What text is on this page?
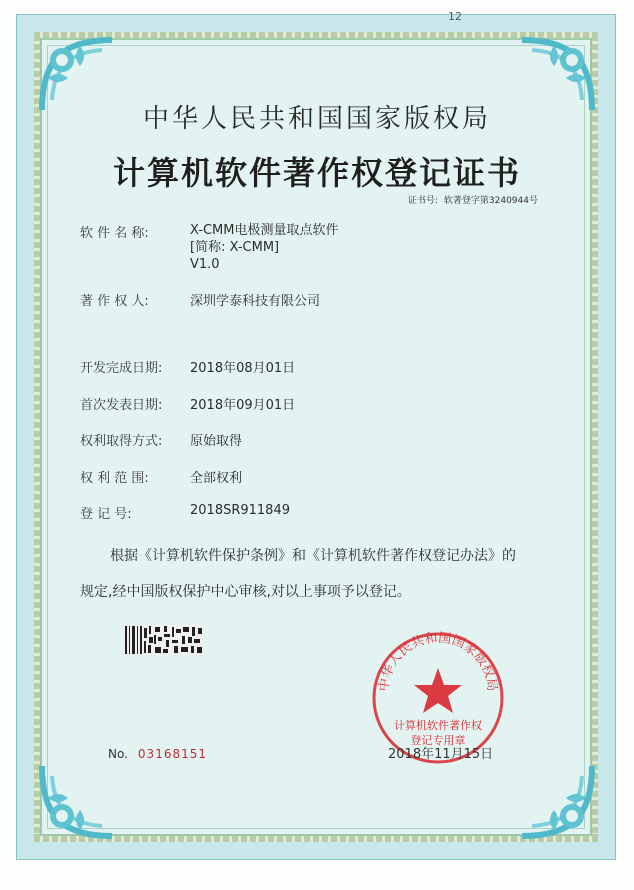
12
中华人民共和国国家版权局
计算机软件著作权登记证书
证书号: 软著登字第3240944号
软 件 名 称:	X-CMM电极测量取点软件
[简称: X-CMM]
V1.0
著 作 权 人:	深圳学泰科技有限公司
开发完成日期: 2018年08月01日
首次发表日期: 2018年09月01日
权利取得方式: 原始取得
权 利 范 围:	全部权利
登 记 号:	2018SR911849
根据《计算机软件保护条例》和《计算机软件著作权登记办法》的
规定,经中国版权保护中心审核,对以上事项予以登记。
中华人民共和国国家版权局
计算机软件著作权
登记专用章
No. 03168151	2018年11月15日
